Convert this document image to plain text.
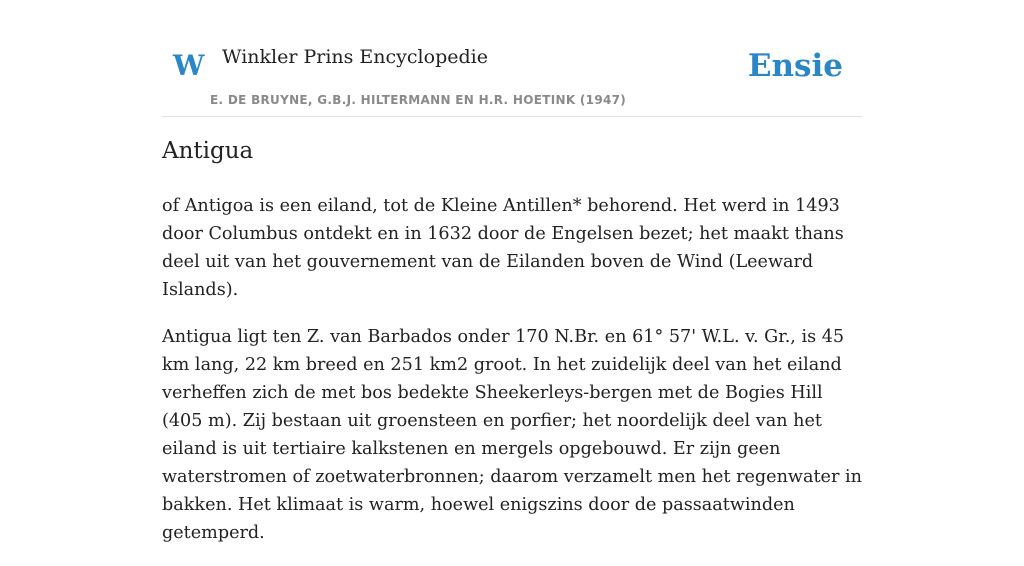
W Winkler Prins Encyclopedie
E. DE BRUYNE, G.B.J. HILTERMANN EN H.R. HOETINK (1947)
Ensie
Antigua

of Antigoa is een eiland, tot de Kleine Antillen* behorend. Het werd in 1493 door Columbus ontdekt en in 1632 door de Engelsen bezet; het maakt thans deel uit van het gouvernement van de Eilanden boven de Wind (Leeward Islands).

Antigua ligt ten Z. van Barbados onder 170 N.Br. en 61° 57' W.L. v. Gr., is 45 km lang, 22 km breed en 251 km2 groot. In het zuidelijk deel van het eiland verheffen zich de met bos bedekte Sheekerleys-bergen met de Bogies Hill (405 m). Zij bestaan uit groensteen en porfier; het noordelijk deel van het eiland is uit tertiaire kalkstenen en mergels opgebouwd. Er zijn geen waterstromen of zoetwaterbronnen; daarom verzamelt men het regenwater in bakken. Het klimaat is warm, hoewel enigszins door de passaatwinden getemperd.
